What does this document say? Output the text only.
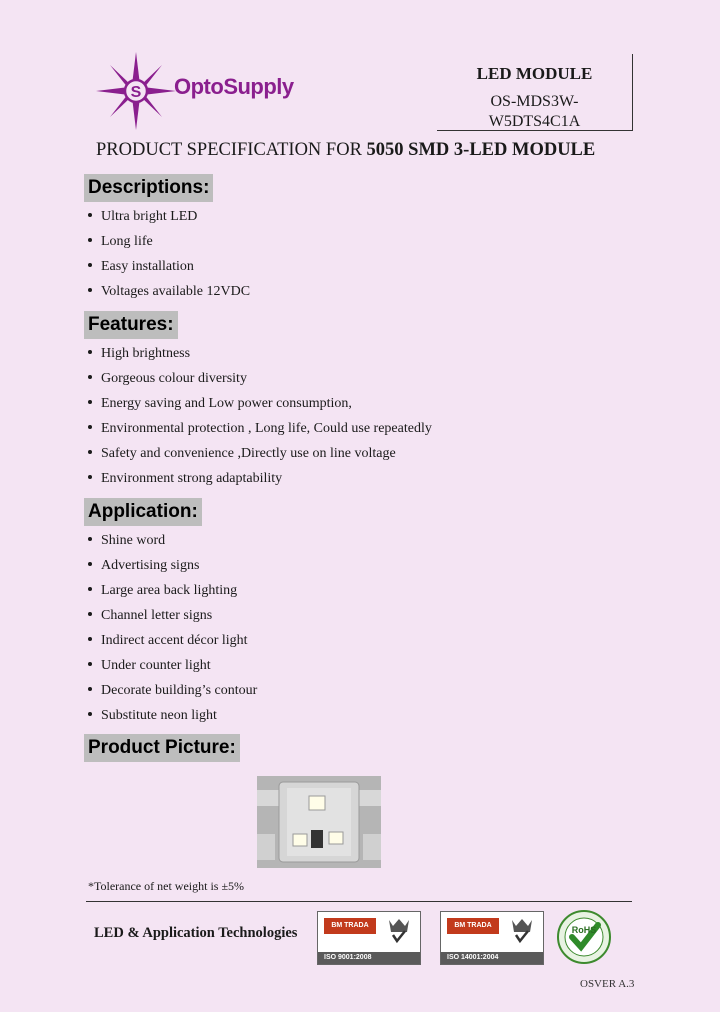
S OptoSupply
LED MODULE
OS-MDS3W-
W5DTS4C1A
PRODUCT SPECIFICATION FOR 5050 SMD 3-LED MODULE
Descriptions:
Ultra bright LED
Long life
Easy installation
Voltages available 12VDC
Features:
High brightness
Gorgeous colour diversity
Energy saving and Low power consumption,
Environmental protection , Long life, Could use repeatedly
Safety and convenience ,Directly use on line voltage
Environment strong adaptability
Application:
Shine word
Advertising signs
Large area back lighting
Channel letter signs
Indirect accent décor light
Under counter light
Decorate building’s contour
Substitute neon light
Product Picture:
*Tolerance of net weight is ±5%
LED & Application Technologies	BM TRADA
ISO 9001:2008
BM TRADA
ISO 14001:2004
RoHS
OSVER A.3
